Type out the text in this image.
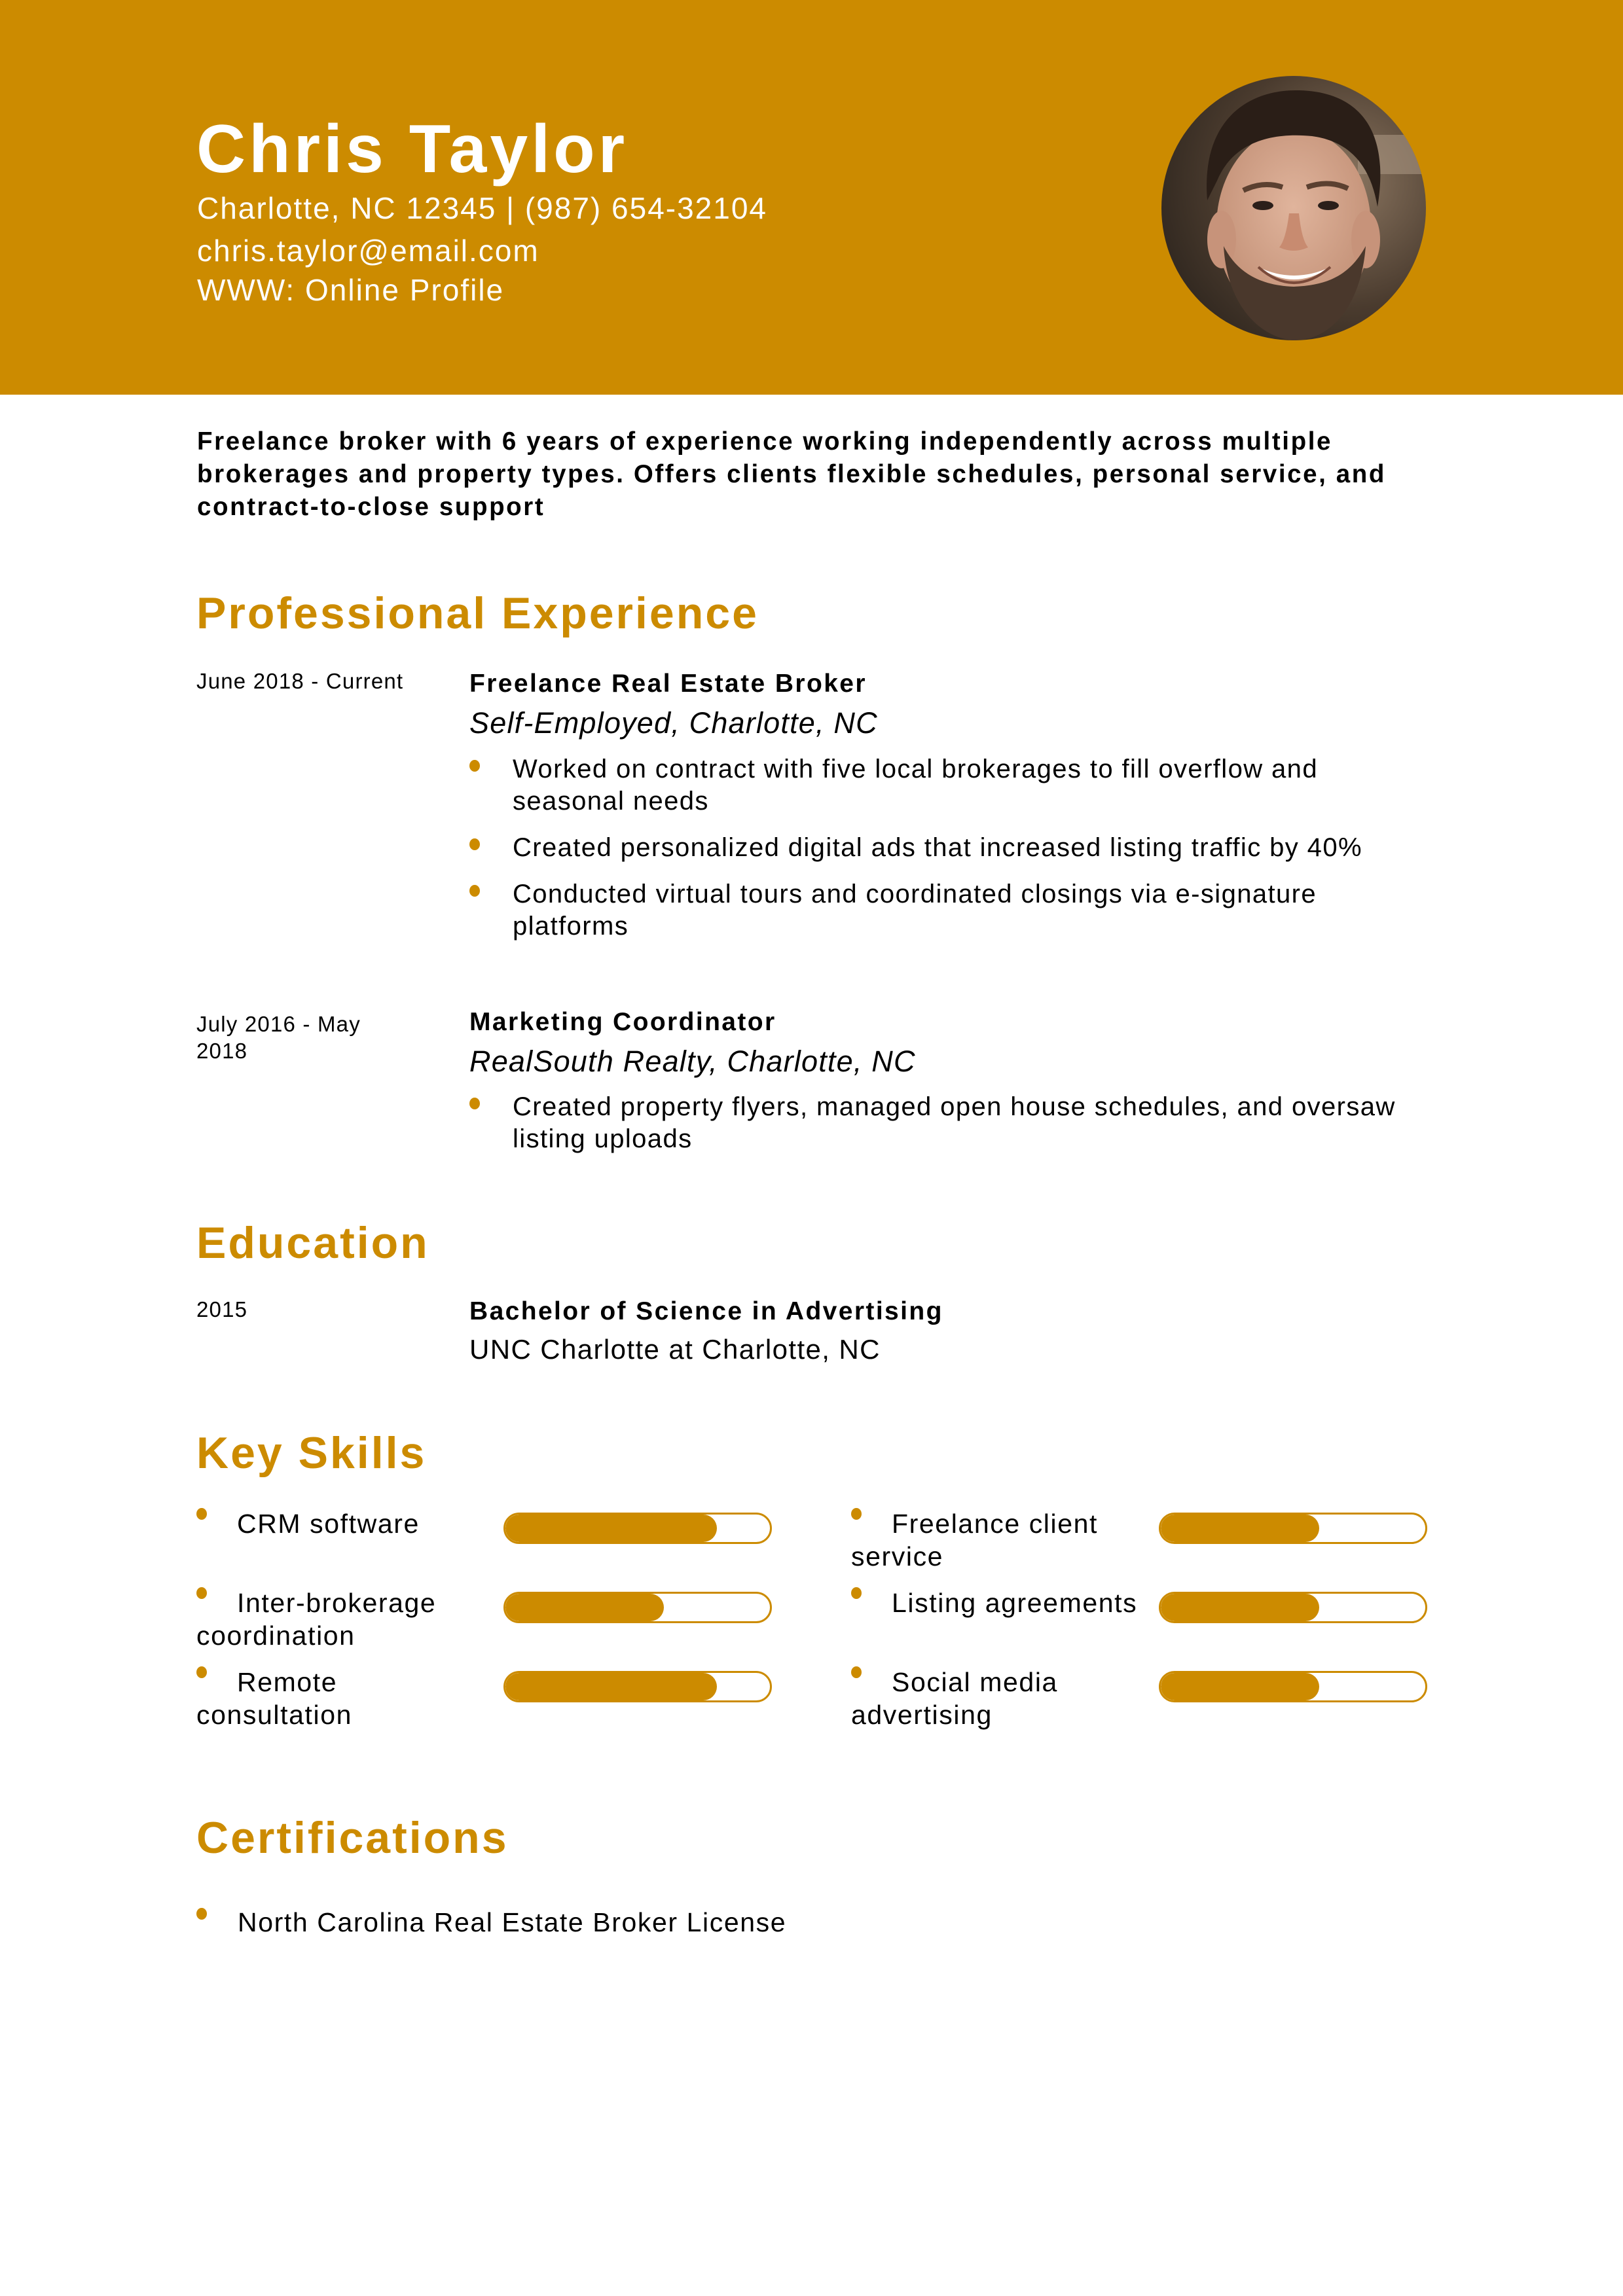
Chris Taylor
Charlotte, NC 12345 | (987) 654-32104
chris.taylor@email.com
WWW: Online Profile
Freelance broker with 6 years of experience working independently across multiple brokerages and property types. Offers clients flexible schedules, personal service, and contract-to-close support
Professional Experience
June 2018 - Current	Freelance Real Estate Broker
Self-Employed, Charlotte, NC
Worked on contract with five local brokerages to fill overflow and seasonal needs
Created personalized digital ads that increased listing traffic by 40%
Conducted virtual tours and coordinated closings via e-signature platforms
July 2016 - May 2018
Marketing Coordinator
RealSouth Realty, Charlotte, NC
Created property flyers, managed open house schedules, and oversaw listing uploads
Education
2015	Bachelor of Science in Advertising
UNC Charlotte at Charlotte, NC
Key Skills
CRM software
Inter-brokerage coordination
Remote consultation
Freelance client service
Listing agreements
Social media advertising
Certifications
North Carolina Real Estate Broker License
